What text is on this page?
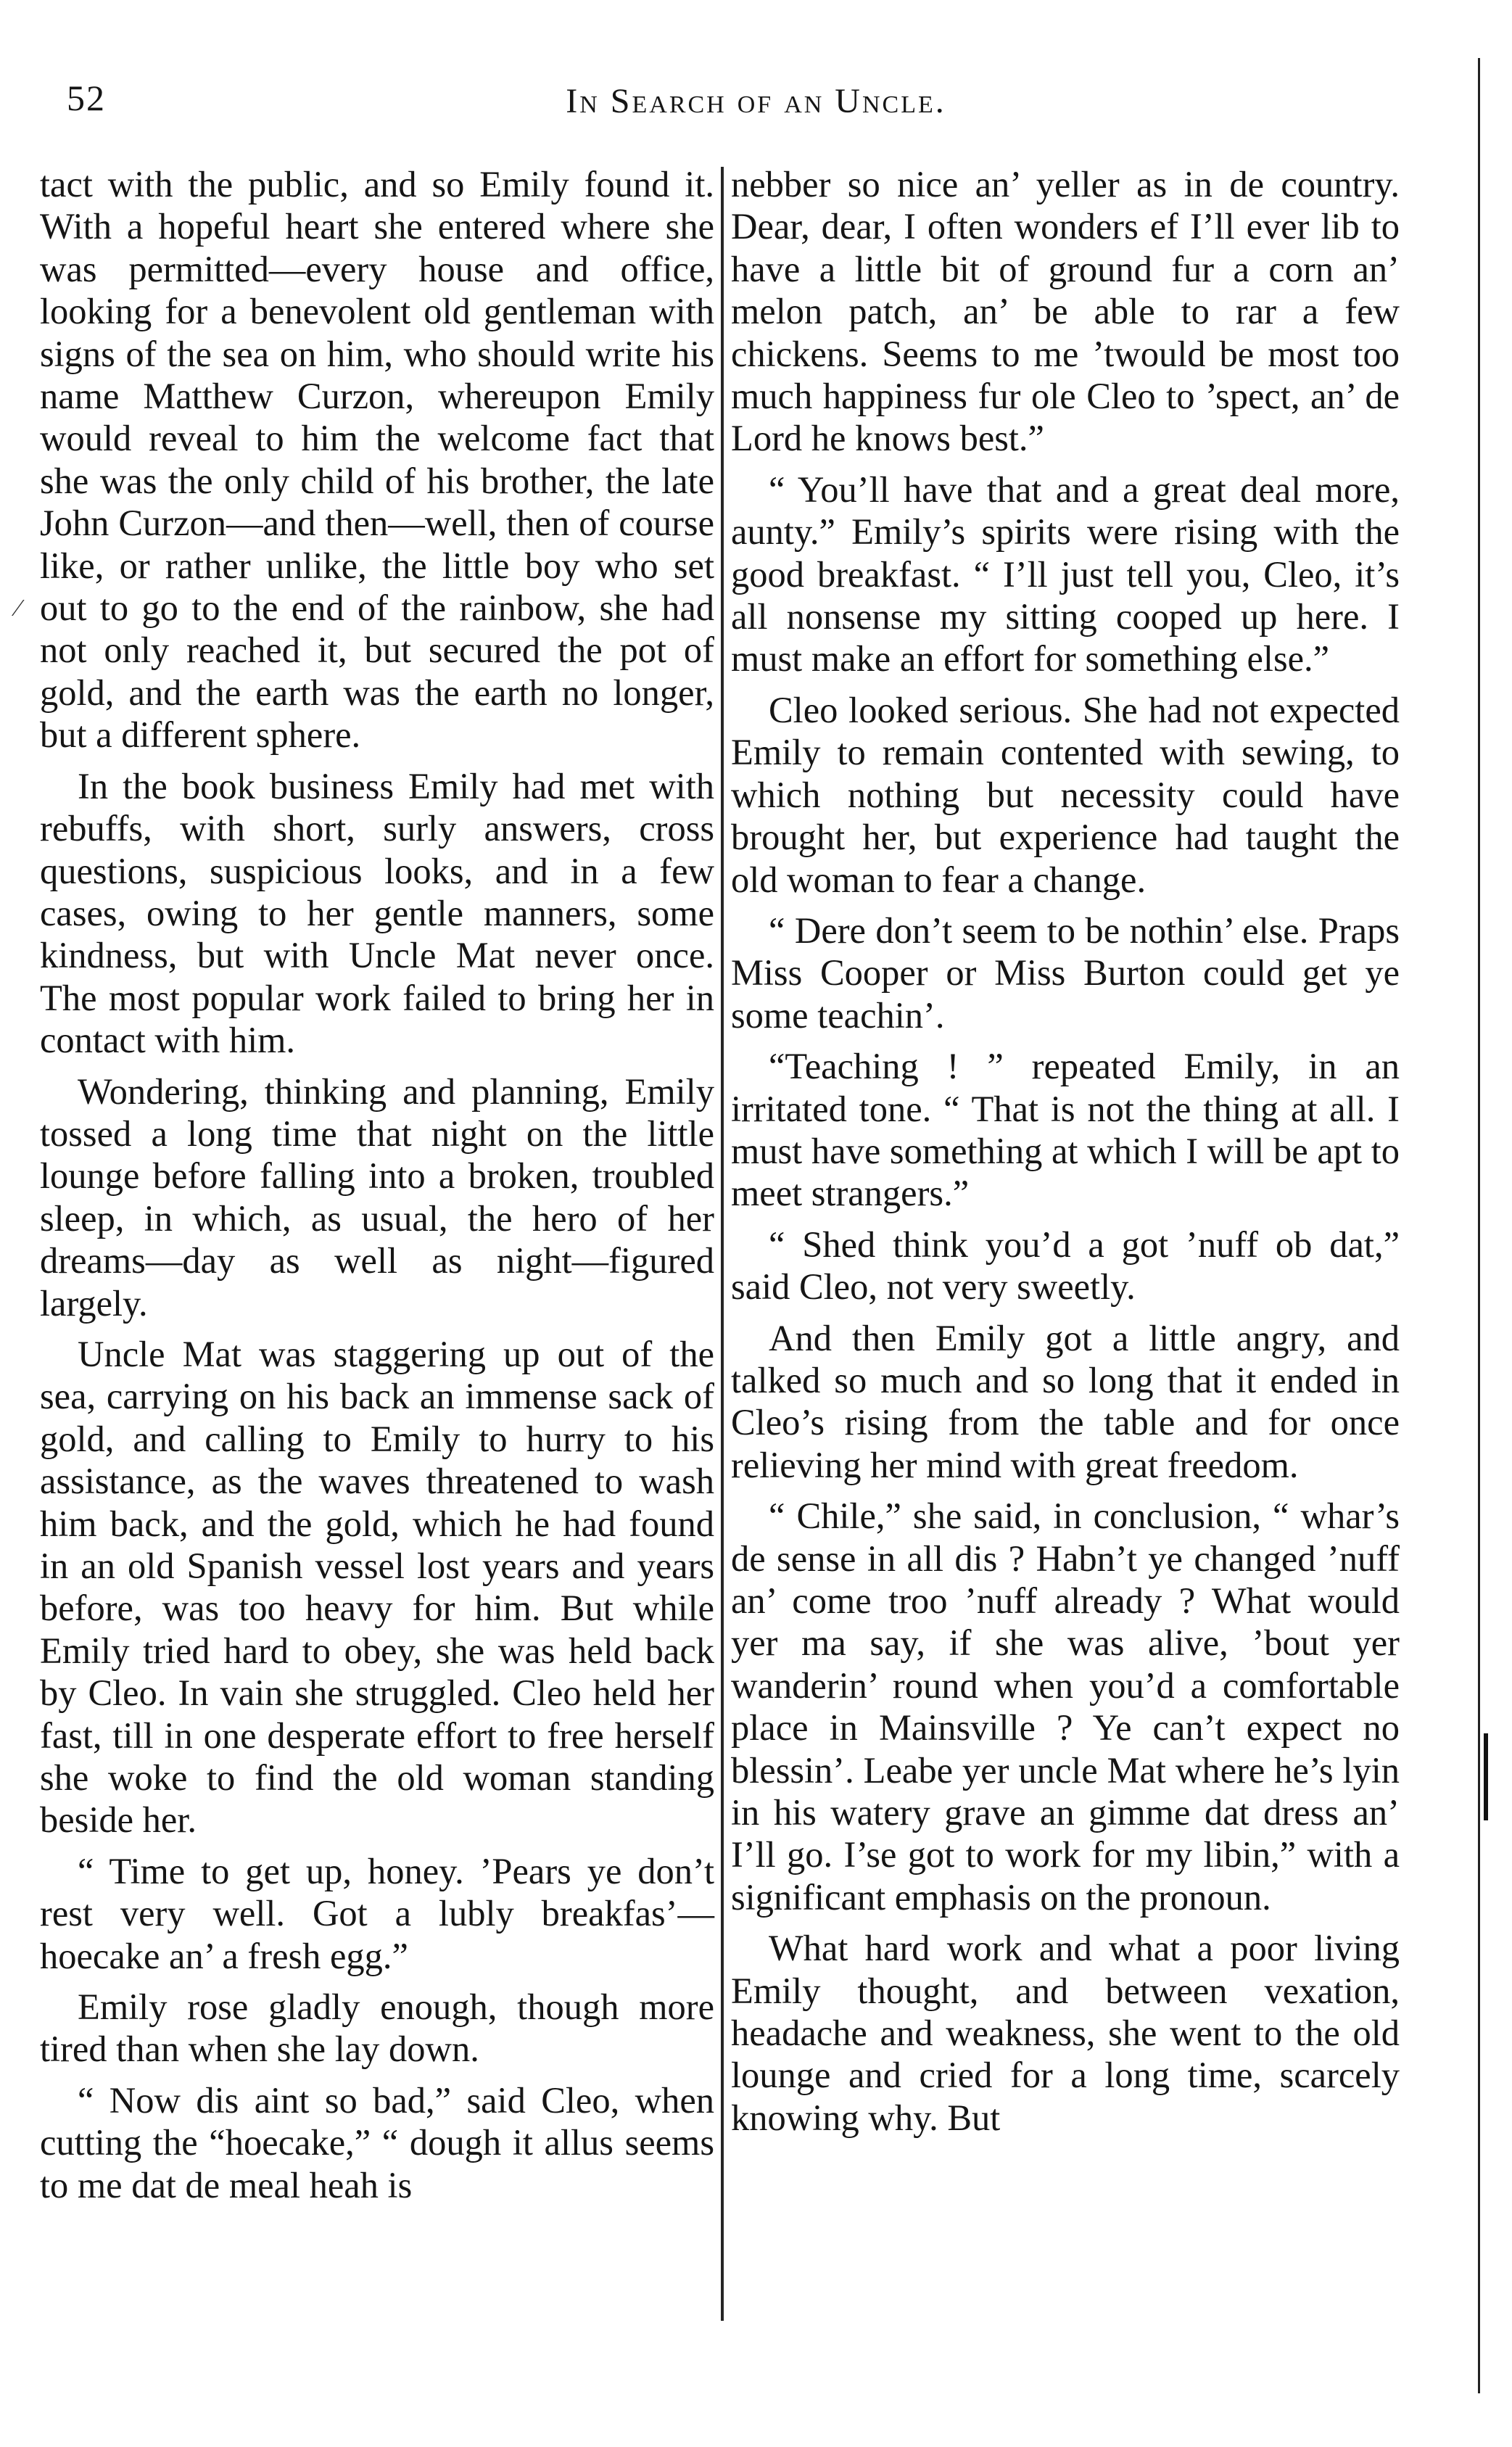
52	In Search of an Uncle.
⁄

tact with the public, and so Emily found it. With a hopeful heart she entered where she was permitted—every house and office, looking for a benevolent old gentleman with signs of the sea on him, who should write his name Matthew Curzon, whereupon Emily would reveal to him the welcome fact that she was the only child of his brother, the late John Curzon—and then—well, then of course like, or rather unlike, the little boy who set out to go to the end of the rainbow, she had not only reached it, but secured the pot of gold, and the earth was the earth no longer, but a different sphere.

In the book business Emily had met with rebuffs, with short, surly answers, cross questions, suspicious looks, and in a few cases, owing to her gentle manners, some kindness, but with Uncle Mat never once. The most popular work failed to bring her in contact with him.

Wondering, thinking and planning, Emily tossed a long time that night on the little lounge before falling into a broken, troubled sleep, in which, as usual, the hero of her dreams—day as well as night—figured largely.

Uncle Mat was staggering up out of the sea, carrying on his back an immense sack of gold, and calling to Emily to hurry to his assistance, as the waves threatened to wash him back, and the gold, which he had found in an old Spanish vessel lost years and years before, was too heavy for him. But while Emily tried hard to obey, she was held back by Cleo. In vain she struggled. Cleo held her fast, till in one desperate effort to free herself she woke to find the old woman standing beside her.

“ Time to get up, honey. ’Pears ye don’t rest very well. Got a lubly breakfas’—hoecake an’ a fresh egg.”

Emily rose gladly enough, though more tired than when she lay down.

“ Now dis aint so bad,” said Cleo, when cutting the “hoecake,” “ dough it allus seems to me dat de meal heah is

nebber so nice an’ yeller as in de country. Dear, dear, I often wonders ef I’ll ever lib to have a little bit of ground fur a corn an’ melon patch, an’ be able to rar a few chickens. Seems to me ’twould be most too much happiness fur ole Cleo to ’spect, an’ de Lord he knows best.”

“ You’ll have that and a great deal more, aunty.” Emily’s spirits were rising with the good breakfast. “ I’ll just tell you, Cleo, it’s all nonsense my sitting cooped up here. I must make an effort for something else.”

Cleo looked serious. She had not expected Emily to remain contented with sewing, to which nothing but necessity could have brought her, but experience had taught the old woman to fear a change.

“ Dere don’t seem to be nothin’ else. Praps Miss Cooper or Miss Burton could get ye some teachin’.

“Teaching ! ” repeated Emily, in an irritated tone. “ That is not the thing at all. I must have something at which I will be apt to meet strangers.”

“ Shed think you’d a got ’nuff ob dat,” said Cleo, not very sweetly.

And then Emily got a little angry, and talked so much and so long that it ended in Cleo’s rising from the table and for once relieving her mind with great freedom.

“ Chile,” she said, in conclusion, “ whar’s de sense in all dis ? Habn’t ye changed ’nuff an’ come troo ’nuff already ? What would yer ma say, if she was alive, ’bout yer wanderin’ round when you’d a comfortable place in Mainsville ? Ye can’t expect no blessin’. Leabe yer uncle Mat where he’s lyin in his watery grave an gimme dat dress an’ I’ll go. I’se got to work for my libin,” with a significant emphasis on the pronoun.

What hard work and what a poor living Emily thought, and between vexation, headache and weakness, she went to the old lounge and cried for a long time, scarcely knowing why. But
